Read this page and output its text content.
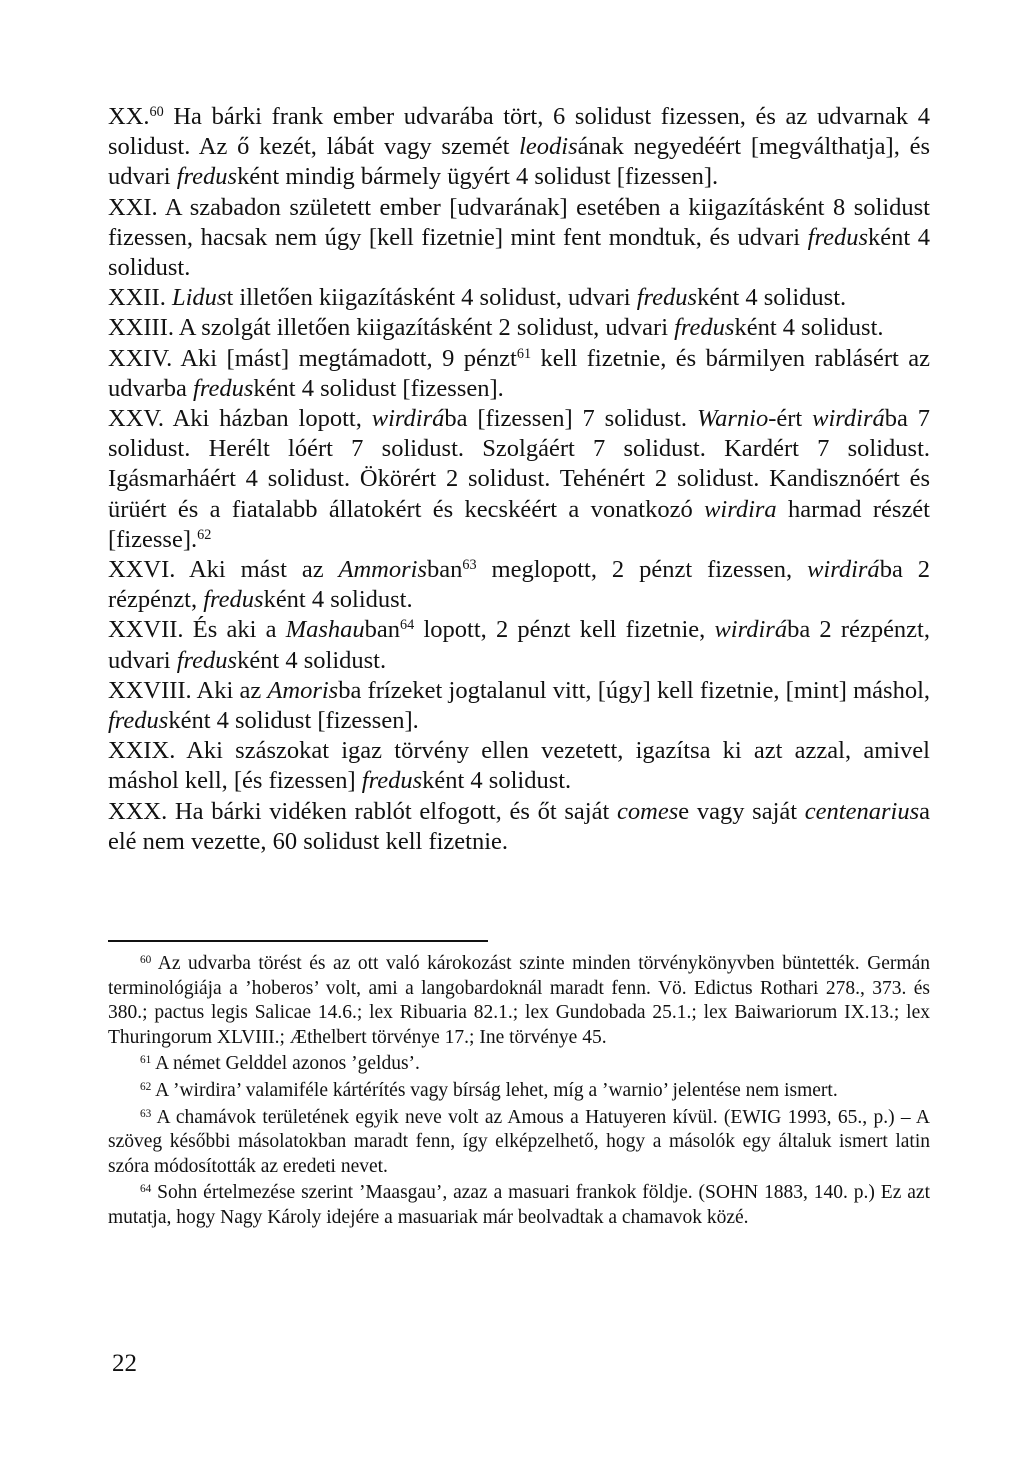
XX.$^{60}$ Ha bárki frank ember udvarába tört, 6 solidust fizessen, és az udvarnak 4 solidust. Az ő kezét, lábát vagy szemét leodisának negyedéért [megválthatja], és udvari fredusként mindig bármely ügyért 4 solidust [fizessen].

XXI. A szabadon született ember [udvarának] esetében a kiigazításként 8 solidust fizessen, hacsak nem úgy [kell fizetnie] mint fent mondtuk, és udvari fredusként 4 solidust.

XXII. Lidust illetően kiigazításként 4 solidust, udvari fredusként 4 solidust.

XXIII. A szolgát illetően kiigazításként 2 solidust, udvari fredusként 4 solidust.

XXIV. Aki [mást] megtámadott, 9 pénzt$^{61}$ kell fizetnie, és bármilyen rablásért az udvarba fredusként 4 solidust [fizessen].

XXV. Aki házban lopott, wirdirába [fizessen] 7 solidust. Warnio-ért wirdirába 7 solidust. Herélt lóért 7 solidust. Szolgáért 7 solidust. Kardért 7 solidust. Igásmarháért 4 solidust. Ökörért 2 solidust. Tehénért 2 solidust. Kandisznóért és ürüért és a fiatalabb állatokért és kecskéért a vonatkozó wirdira harmad részét [fizesse].$^{62}$

XXVI. Aki mást az Ammorisban$^{63}$ meglopott, 2 pénzt fizessen, wirdirába 2 rézpénzt, fredusként 4 solidust.

XXVII. És aki a Mashauban$^{64}$ lopott, 2 pénzt kell fizetnie, wirdirába 2 rézpénzt, udvari fredusként 4 solidust.

XXVIII. Aki az Amorisba frízeket jogtalanul vitt, [úgy] kell fizetnie, [mint] máshol, fredusként 4 solidust [fizessen].

XXIX. Aki szászokat igaz törvény ellen vezetett, igazítsa ki azt azzal, amivel máshol kell, [és fizessen] fredusként 4 solidust.

XXX. Ha bárki vidéken rablót elfogott, és őt saját comese vagy saját centenariusa elé nem vezette, 60 solidust kell fizetnie.

$^{60}$ Az udvarba törést és az ott való károkozást szinte minden törvénykönyvben büntették. Germán terminológiája a ’hoberos’ volt, ami a langobardoknál maradt fenn. Vö. Edictus Rothari 278., 373. és 380.; pactus legis Salicae 14.6.; lex Ribuaria 82.1.; lex Gundobada 25.1.; lex Baiwariorum IX.13.; lex Thuringorum XLVIII.; Æthelbert törvénye 17.; Ine törvénye 45.

$^{61}$ A német Gelddel azonos ’geldus’.

$^{62}$ A ’wirdira’ valamiféle kártérítés vagy bírság lehet, míg a ’warnio’ jelentése nem ismert.

$^{63}$ A chamávok területének egyik neve volt az Amous a Hatuyeren kívül. (EWIG 1993, 65., p.) – A szöveg későbbi másolatokban maradt fenn, így elképzelhető, hogy a másolók egy általuk ismert latin szóra módosították az eredeti nevet.

$^{64}$ Sohn értelmezése szerint ’Maasgau’, azaz a masuari frankok földje. (SOHN 1883, 140. p.) Ez azt mutatja, hogy Nagy Károly idejére a masuariak már beolvadtak a chamavok közé.

22
